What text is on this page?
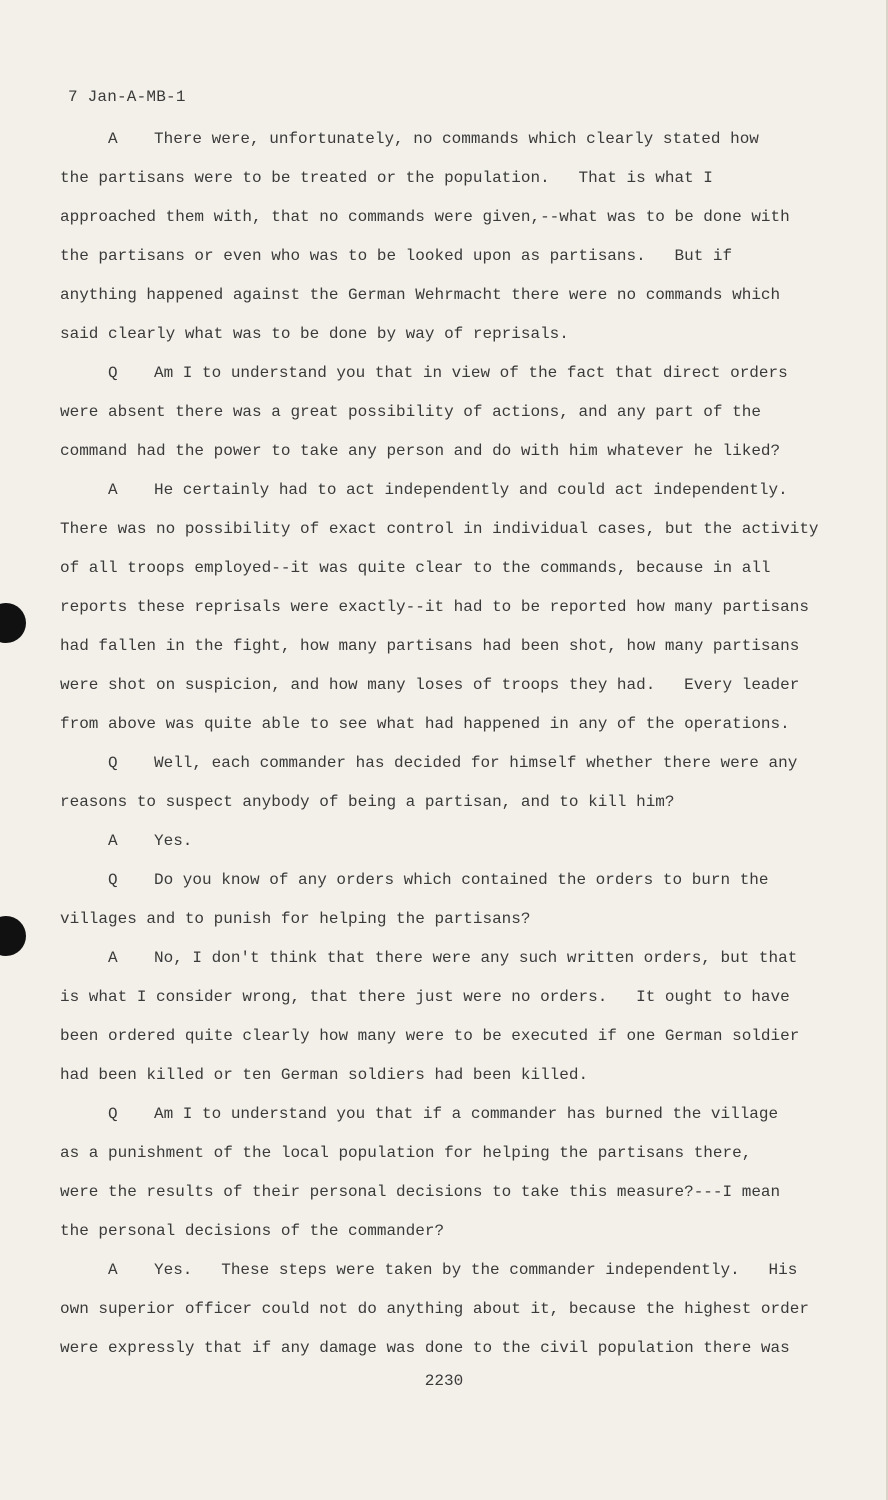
7 Jan-A-MB-1
A There were, unfortunately, no commands which clearly stated how
the partisans were to be treated or the population.   That is what I
approached them with, that no commands were given,--what was to be done with
the partisans or even who was to be looked upon as partisans.   But if
anything happened against the German Wehrmacht there were no commands which
said clearly what was to be done by way of reprisals.
Q Am I to understand you that in view of the fact that direct orders
were absent there was a great possibility of actions, and any part of the
command had the power to take any person and do with him whatever he liked?
A He certainly had to act independently and could act independently.
There was no possibility of exact control in individual cases, but the activity
of all troops employed--it was quite clear to the commands, because in all
reports these reprisals were exactly--it had to be reported how many partisans
had fallen in the fight, how many partisans had been shot, how many partisans
were shot on suspicion, and how many loses of troops they had.   Every leader
from above was quite able to see what had happened in any of the operations.
Q Well, each commander has decided for himself whether there were any
reasons to suspect anybody of being a partisan, and to kill him?
A Yes.
Q Do you know of any orders which contained the orders to burn the
villages and to punish for helping the partisans?
A No, I don't think that there were any such written orders, but that
is what I consider wrong, that there just were no orders.   It ought to have
been ordered quite clearly how many were to be executed if one German soldier
had been killed or ten German soldiers had been killed.
Q Am I to understand you that if a commander has burned the village
as a punishment of the local population for helping the partisans there,
were the results of their personal decisions to take this measure?---I mean
the personal decisions of the commander?
A Yes.   These steps were taken by the commander independently.   His
own superior officer could not do anything about it, because the highest order
were expressly that if any damage was done to the civil population there was
2230
